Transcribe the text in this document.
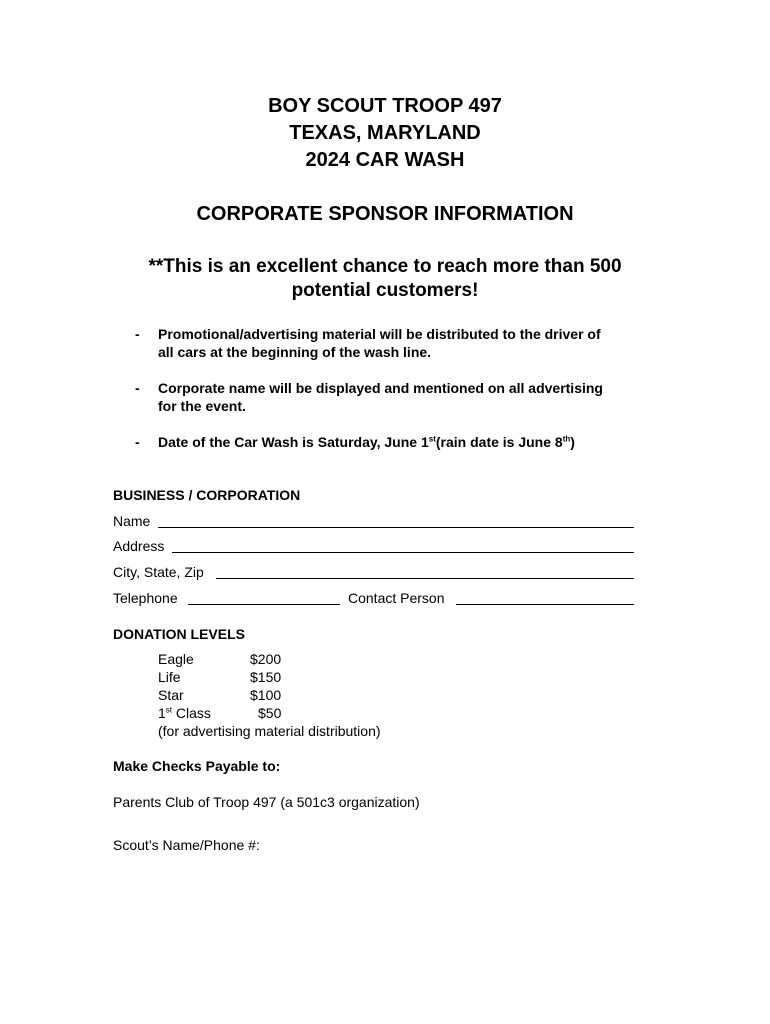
BOY SCOUT TROOP 497
TEXAS, MARYLAND
2024 CAR WASH
CORPORATE SPONSOR INFORMATION
**This is an excellent chance to reach more than 500
potential customers!
- Promotional/advertising material will be distributed to the driver of
all cars at the beginning of the wash line.
- Corporate name will be displayed and mentioned on all advertising
for the event.
- Date of the Car Wash is Saturday, June 1st(rain date is June 8th)
BUSINESS / CORPORATION
Name
Address
City, State, Zip
Telephone	Contact Person
DONATION LEVELS
Eagle	$200
Life	$150
Star	$100
1st Class	$50
(for advertising material distribution)
Make Checks Payable to:
Parents Club of Troop 497 (a 501c3 organization)
Scout’s Name/Phone #:
